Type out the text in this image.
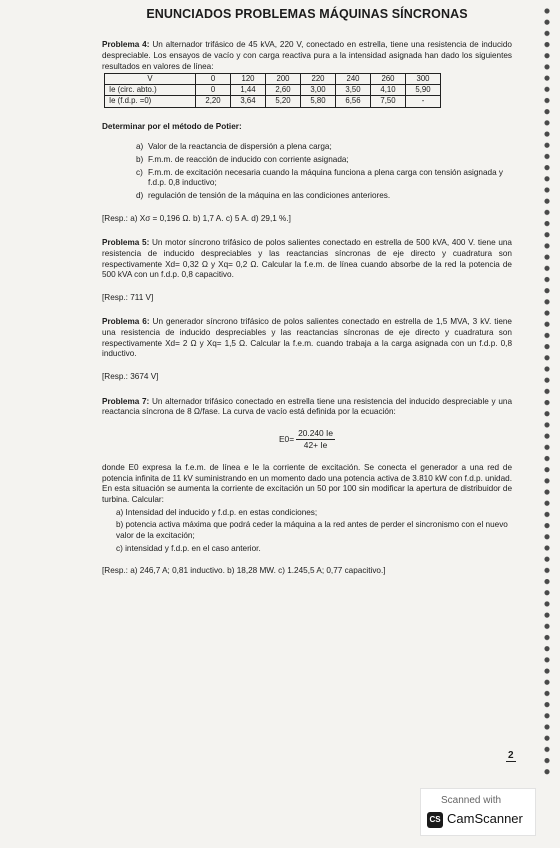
ENUNCIADOS PROBLEMAS MÁQUINAS SÍNCRONAS

Problema 4: Un alternador trifásico de 45 kVA, 220 V, conectado en estrella, tiene una resistencia de inducido despreciable. Los ensayos de vacío y con carga reactiva pura a la intensidad asignada han dado los siguientes resultados en valores de línea:

V	0	120	200	220	240	260	300
Ie (circ. abto.)	0	1,44	2,60	3,00	3,50	4,10	5,90
Ie (f.d.p. =0)	2,20	3,64	5,20	5,80	6,56	7,50	-

Determinar por el método de Potier:

a) Valor de la reactancia de dispersión a plena carga;
b) F.m.m. de reacción de inducido con corriente asignada;
c) F.m.m. de excitación necesaria cuando la máquina funciona a plena carga con tensión asignada y f.d.p. 0,8 inductivo;
d) regulación de tensión de la máquina en las condiciones anteriores.

[Resp.: a) Xσ = 0,196 Ω. b) 1,7 A. c) 5 A. d) 29,1 %.]

Problema 5: Un motor síncrono trifásico de polos salientes conectado en estrella de 500 kVA, 400 V. tiene una resistencia de inducido despreciables y las reactancias síncronas de eje directo y cuadratura son respectivamente Xd= 0,32 Ω y Xq= 0,2 Ω. Calcular la f.e.m. de línea cuando absorbe de la red la potencia de 500 kVA con un f.d.p. 0,8 capacitivo.

[Resp.: 711 V]

Problema 6: Un generador síncrono trifásico de polos salientes conectado en estrella de 1,5 MVA, 3 kV. tiene una resistencia de inducido despreciables y las reactancias síncronas de eje directo y cuadratura son respectivamente Xd= 2 Ω y Xq= 1,5 Ω. Calcular la f.e.m. cuando trabaja a la carga asignada con un f.d.p. 0,8 inductivo.

[Resp.: 3674 V]

Problema 7: Un alternador trifásico conectado en estrella tiene una resistencia del inducido despreciable y una reactancia síncrona de 8 Ω/fase. La curva de vacío está definida por la ecuación:

$E0= \frac{20.240 Ie}{42+ Ie}$

donde E0 expresa la f.e.m. de línea e Ie la corriente de excitación. Se conecta el generador a una red de potencia infinita de 11 kV suministrando en un momento dado una potencia activa de 3.810 kW con f.d.p. unidad. En esta situación se aumenta la corriente de excitación un 50 por 100 sin modificar la apertura de distribuidor de turbina. Calcular:

a) Intensidad del inducido y f.d.p. en estas condiciones;
b) potencia activa máxima que podrá ceder la máquina a la red antes de perder el sincronismo con el nuevo valor de la excitación;
c) intensidad y f.d.p. en el caso anterior.

[Resp.: a) 246,7 A; 0,81 inductivo. b) 18,28 MW. c) 1.245,5 A; 0,77 capacitivo.]

2
Scanned with
CS CamScanner
